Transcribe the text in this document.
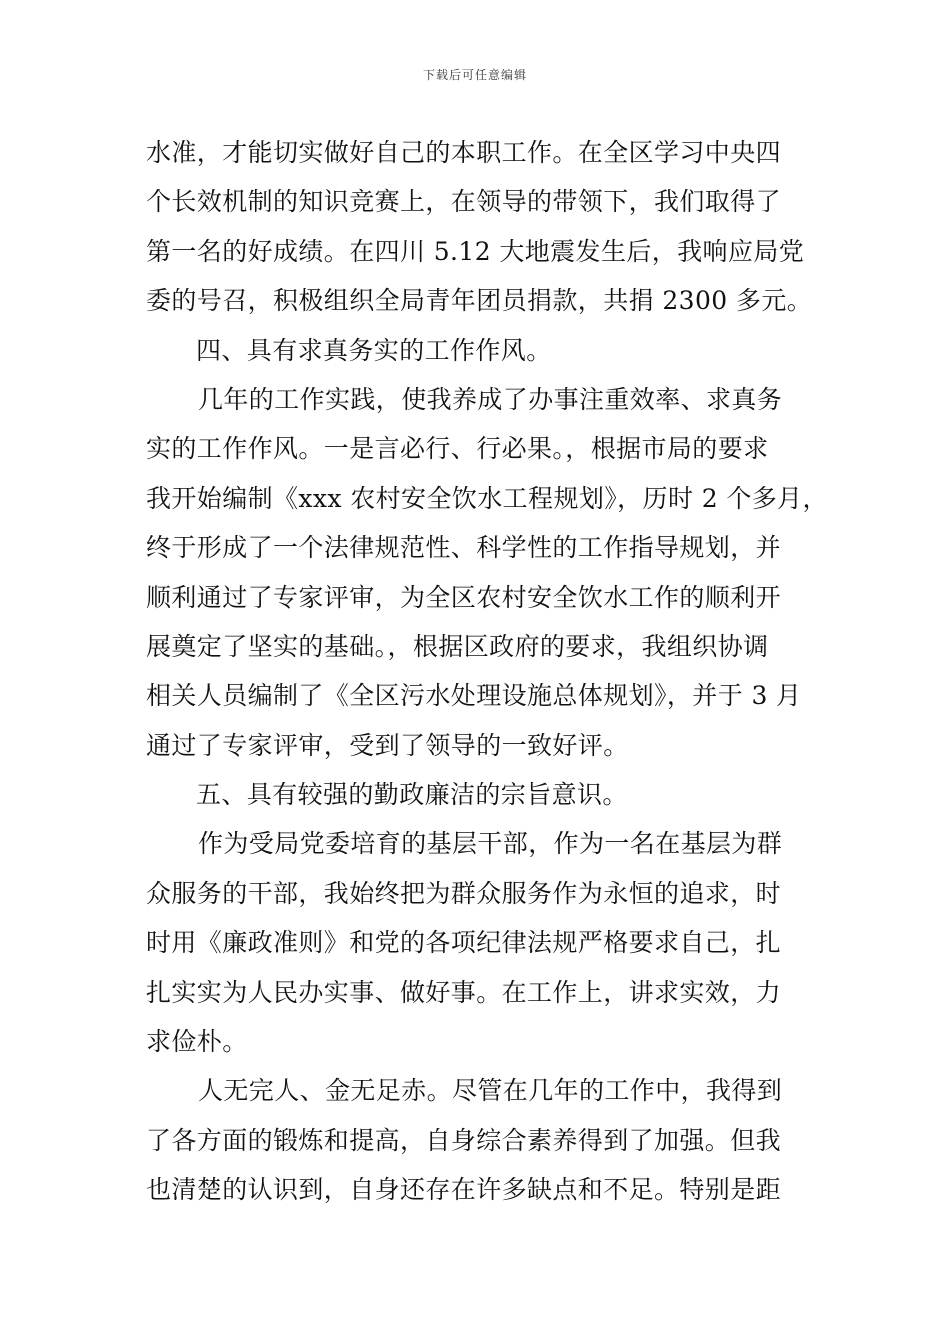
下载后可任意编辑
水准，才能切实做好自己的本职工作。在全区学习中央四
个长效机制的知识竞赛上，在领导的带领下，我们取得了
第一名的好成绩。在四川 5.12 大地震发生后，我响应局党
委的号召，积极组织全局青年团员捐款，共捐 2300 多元。
四、具有求真务实的工作作风。
几年的工作实践，使我养成了办事注重效率、求真务
实的工作作风。一是言必行、行必果。，根据市局的要求
我开始编制《xxx 农村安全饮水工程规划》，历时 2 个多月，
终于形成了一个法律规范性、科学性的工作指导规划，并
顺利通过了专家评审，为全区农村安全饮水工作的顺利开
展奠定了坚实的基础。，根据区政府的要求，我组织协调
相关人员编制了《全区污水处理设施总体规划》，并于 3 月
通过了专家评审，受到了领导的一致好评。
五、具有较强的勤政廉洁的宗旨意识。
作为受局党委培育的基层干部，作为一名在基层为群
众服务的干部，我始终把为群众服务作为永恒的追求，时
时用《廉政准则》和党的各项纪律法规严格要求自己，扎
扎实实为人民办实事、做好事。在工作上，讲求实效，力
求俭朴。
人无完人、金无足赤。尽管在几年的工作中，我得到
了各方面的锻炼和提高，自身综合素养得到了加强。但我
也清楚的认识到，自身还存在许多缺点和不足。特别是距
